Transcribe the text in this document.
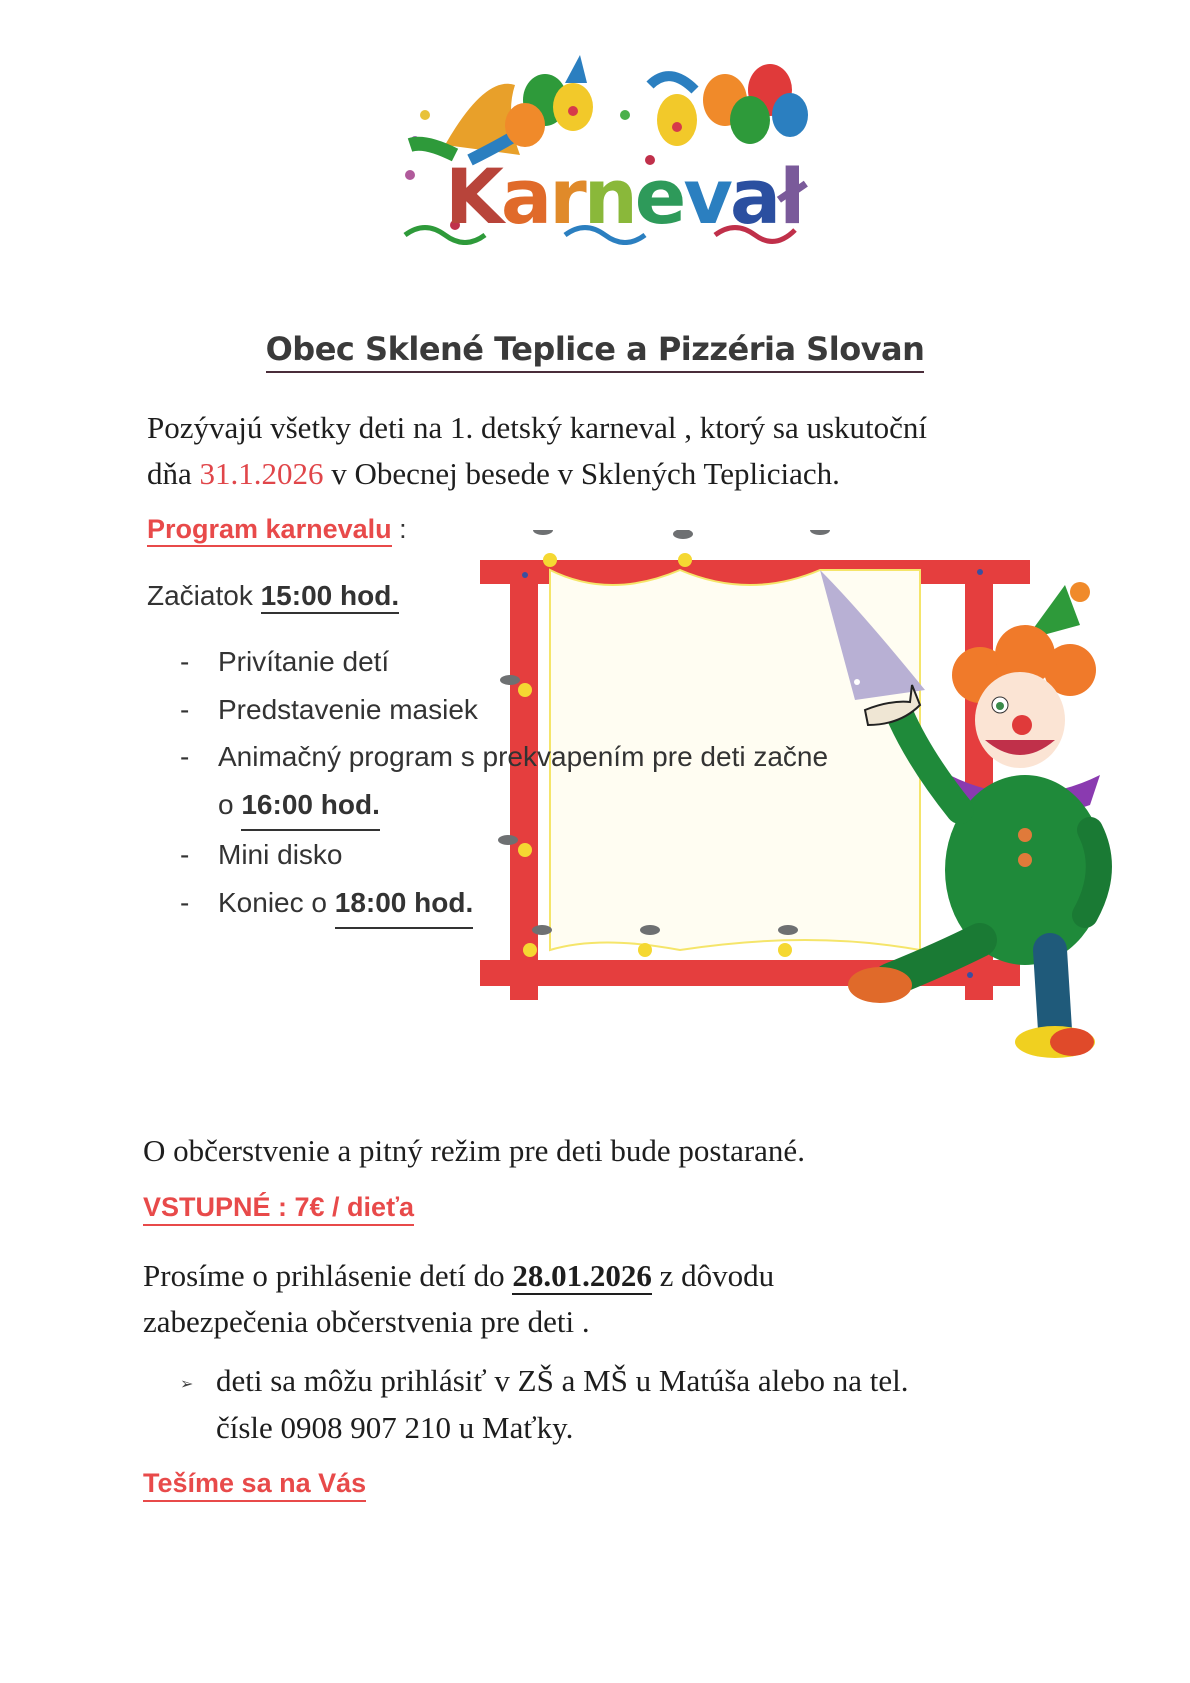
Karnevał
Obec Sklené Teplice a Pizzéria Slovan
Pozývajú všetky deti na 1. detský karneval , ktorý sa uskutoční
dňa 31.1.2026 v Obecnej besede v Sklených Tepliciach.
Program karnevalu :
Začiatok 15:00 hod.
-	Privítanie detí
-	Predstavenie masiek
-	Animačný program s prekvapením pre deti začne
o
16:00 hod.
-	Mini disko
-	Koniec o
18:00 hod.
O občerstvenie a pitný režim pre deti bude postarané.
VSTUPNÉ : 7€ / dieťa
Prosíme o prihlásenie detí do 28.01.2026 z dôvodu
zabezpečenia občerstvenia pre deti .
➢ deti sa môžu prihlásiť v ZŠ a MŠ u Matúša alebo na tel.
čísle 0908 907 210 u Maťky.
Tešíme sa na Vás
